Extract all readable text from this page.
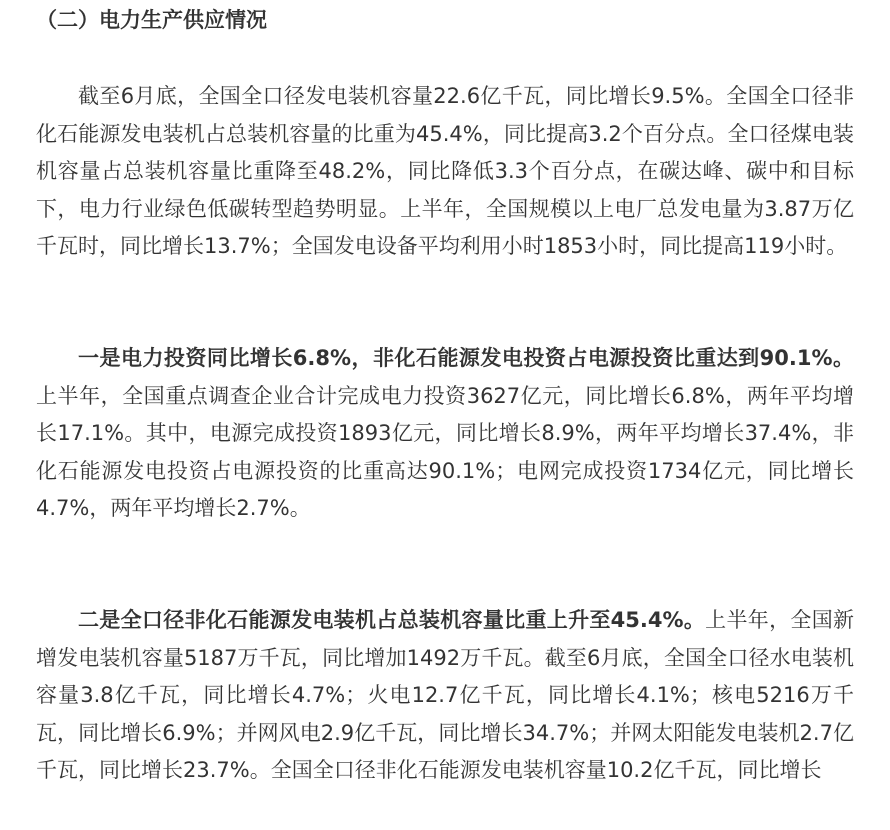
（二）电力生产供应情况

截至6月底，全国全口径发电装机容量22.6亿千瓦，同比增长9.5%。全国全口径非化石能源发电装机占总装机容量的比重为45.4%，同比提高3.2个百分点。全口径煤电装机容量占总装机容量比重降至48.2%，同比降低3.3个百分点，在碳达峰、碳中和目标下，电力行业绿色低碳转型趋势明显。上半年，全国规模以上电厂总发电量为3.87万亿千瓦时，同比增长13.7%；全国发电设备平均利用小时1853小时，同比提高119小时。

一是电力投资同比增长6.8%，非化石能源发电投资占电源投资比重达到90.1%。上半年，全国重点调查企业合计完成电力投资3627亿元，同比增长6.8%，两年平均增长17.1%。其中，电源完成投资1893亿元，同比增长8.9%，两年平均增长37.4%，非化石能源发电投资占电源投资的比重高达90.1%；电网完成投资1734亿元，同比增长4.7%，两年平均增长2.7%。

二是全口径非化石能源发电装机占总装机容量比重上升至45.4%。上半年，全国新增发电装机容量5187万千瓦，同比增加1492万千瓦。截至6月底，全国全口径水电装机容量3.8亿千瓦，同比增长4.7%；火电12.7亿千瓦，同比增长4.1%；核电5216万千瓦，同比增长6.9%；并网风电2.9亿千瓦，同比增长34.7%；并网太阳能发电装机2.7亿千瓦，同比增长23.7%。全国全口径非化石能源发电装机容量10.2亿千瓦，同比增长
